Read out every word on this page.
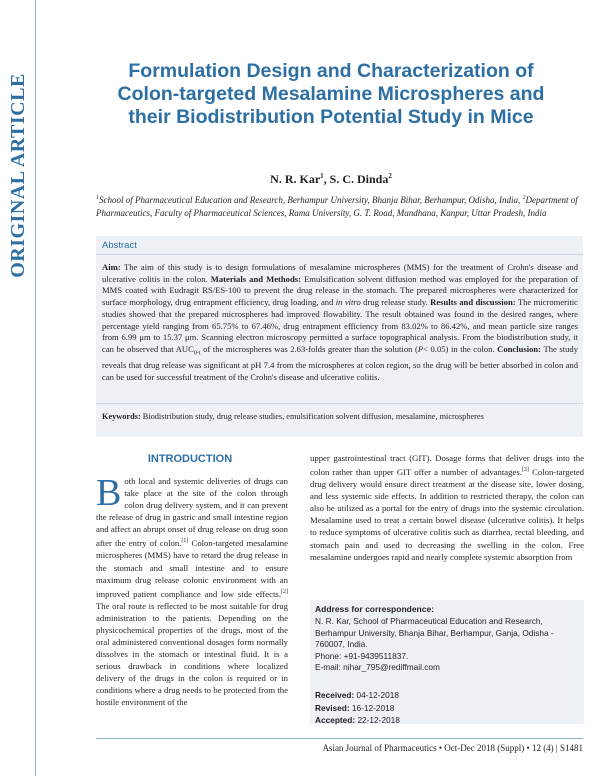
ORIGINAL ARTICLE
Formulation Design and Characterization of Colon-targeted Mesalamine Microspheres and their Biodistribution Potential Study in Mice
N. R. Kar$^1$, S. C. Dinda$^2$
$^1$School of Pharmaceutical Education and Research, Berhampur University, Bhanja Bihar, Berhampur, Odisha, India, $^2$Department of Pharmaceutics, Faculty of Pharmaceutical Sciences, Rama University, G. T. Road, Mandhana, Kanpur, Uttar Pradesh, India
Abstract
Aim: The aim of this study is to design formulations of mesalamine microspheres (MMS) for the treatment of Crohn's disease and ulcerative colitis in the colon. Materials and Methods: Emulsification solvent diffusion method was employed for the preparation of MMS coated with Eudragit RS/ES-100 to prevent the drug release in the stomach. The prepared microspheres were characterized for surface morphology, drug entrapment efficiency, drug loading, and in vitro drug release study. Results and discussion: The micromeritic studies showed that the prepared microspheres had improved flowability. The result obtained was found in the desired ranges, where percentage yield ranging from 65.75% to 67.46%, drug entrapment efficiency from 83.02% to 86.42%, and mean particle size ranges from 6.99 μm to 15.37 μm. Scanning electron microscopy permitted a surface topographical analysis. From the biodistribution study, it can be observed that $AUC_{0-t}$ of the microspheres was 2.63-folds greater than the solution (P< 0.05) in the colon. Conclusion: The study reveals that drug release was significant at pH 7.4 from the microspheres at colon region, so the drug will be better absorbed in colon and can be used for successful treatment of the Crohn's disease and ulcerative colitis.
Keywords: Biodistribution study, drug release studies, emulsification solvent diffusion, mesalamine, microspheres
INTRODUCTION
Both local and systemic deliveries of drugs can take place at the site of the colon through colon drug delivery system, and it can prevent the release of drug in gastric and small intestine region and affect an abrupt onset of drug release on drug soon after the entry of colon.[1] Colon-targeted mesalamine microspheres (MMS) have to retard the drug release in the stomach and small intestine and to ensure maximum drug release colonic environment with an improved patient compliance and low side effects.[2] The oral route is reflected to be most suitable for drug administration to the patients. Depending on the physicochemical properties of the drugs, most of the oral administered conventional dosages form normally dissolves in the stomach or intestinal fluid. It is a serious drawback in conditions where localized delivery of the drugs in the colon is required or in conditions where a drug needs to be protected from the hostile environment of the
upper gastrointestinal tract (GIT). Dosage forms that deliver drugs into the colon rather than upper GIT offer a number of advantages.[3] Colon-targeted drug delivery would ensure direct treatment at the disease site, lower dosing, and less systemic side effects. In addition to restricted therapy, the colon can also be utilized as a portal for the entry of drugs into the systemic circulation. Mesalamine used to treat a certain bowel disease (ulcerative colitis). It helps to reduce symptoms of ulcerative colitis such as diarrhea, rectal bleeding, and stomach pain and used to decreasing the swelling in the colon. Free mesalamine undergoes rapid and nearly complete systemic absorption from
Address for correspondence:
N. R. Kar, School of Pharmaceutical Education and Research, Berhampur University, Bhanja Bihar, Berhampur, Ganja, Odisha - 760007, India.
Phone: +91-9439511837.
E-mail: nihar_795@rediffmail.com
Received: 04-12-2018
Revised: 16-12-2018
Accepted: 22-12-2018
Asian Journal of Pharmaceutics • Oct-Dec 2018 (Suppl) • 12 (4) | S1481
